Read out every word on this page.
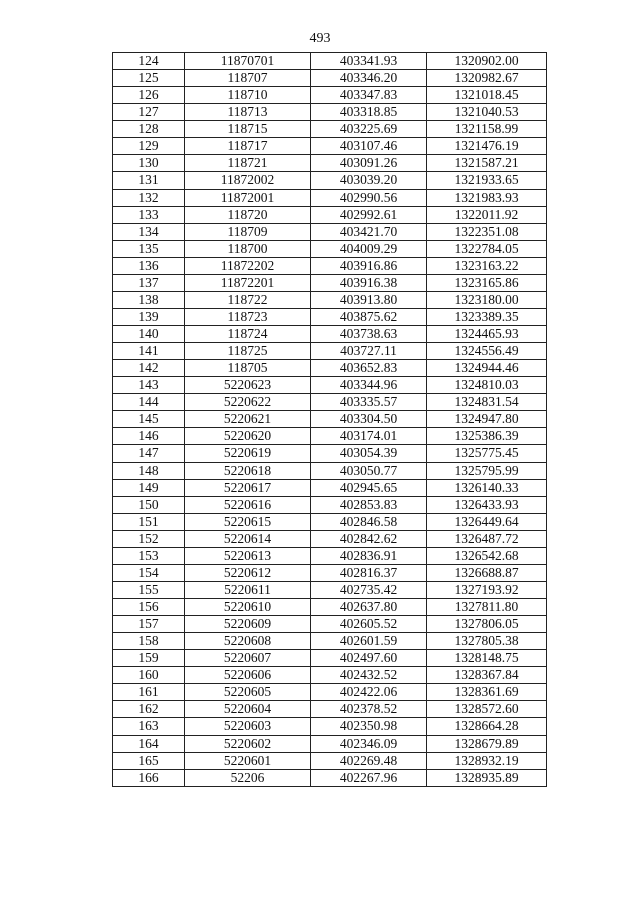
493
124	11870701	403341.93	1320902.00
125	118707	403346.20	1320982.67
126	118710	403347.83	1321018.45
127	118713	403318.85	1321040.53
128	118715	403225.69	1321158.99
129	118717	403107.46	1321476.19
130	118721	403091.26	1321587.21
131	11872002	403039.20	1321933.65
132	11872001	402990.56	1321983.93
133	118720	402992.61	1322011.92
134	118709	403421.70	1322351.08
135	118700	404009.29	1322784.05
136	11872202	403916.86	1323163.22
137	11872201	403916.38	1323165.86
138	118722	403913.80	1323180.00
139	118723	403875.62	1323389.35
140	118724	403738.63	1324465.93
141	118725	403727.11	1324556.49
142	118705	403652.83	1324944.46
143	5220623	403344.96	1324810.03
144	5220622	403335.57	1324831.54
145	5220621	403304.50	1324947.80
146	5220620	403174.01	1325386.39
147	5220619	403054.39	1325775.45
148	5220618	403050.77	1325795.99
149	5220617	402945.65	1326140.33
150	5220616	402853.83	1326433.93
151	5220615	402846.58	1326449.64
152	5220614	402842.62	1326487.72
153	5220613	402836.91	1326542.68
154	5220612	402816.37	1326688.87
155	5220611	402735.42	1327193.92
156	5220610	402637.80	1327811.80
157	5220609	402605.52	1327806.05
158	5220608	402601.59	1327805.38
159	5220607	402497.60	1328148.75
160	5220606	402432.52	1328367.84
161	5220605	402422.06	1328361.69
162	5220604	402378.52	1328572.60
163	5220603	402350.98	1328664.28
164	5220602	402346.09	1328679.89
165	5220601	402269.48	1328932.19
166	52206	402267.96	1328935.89
